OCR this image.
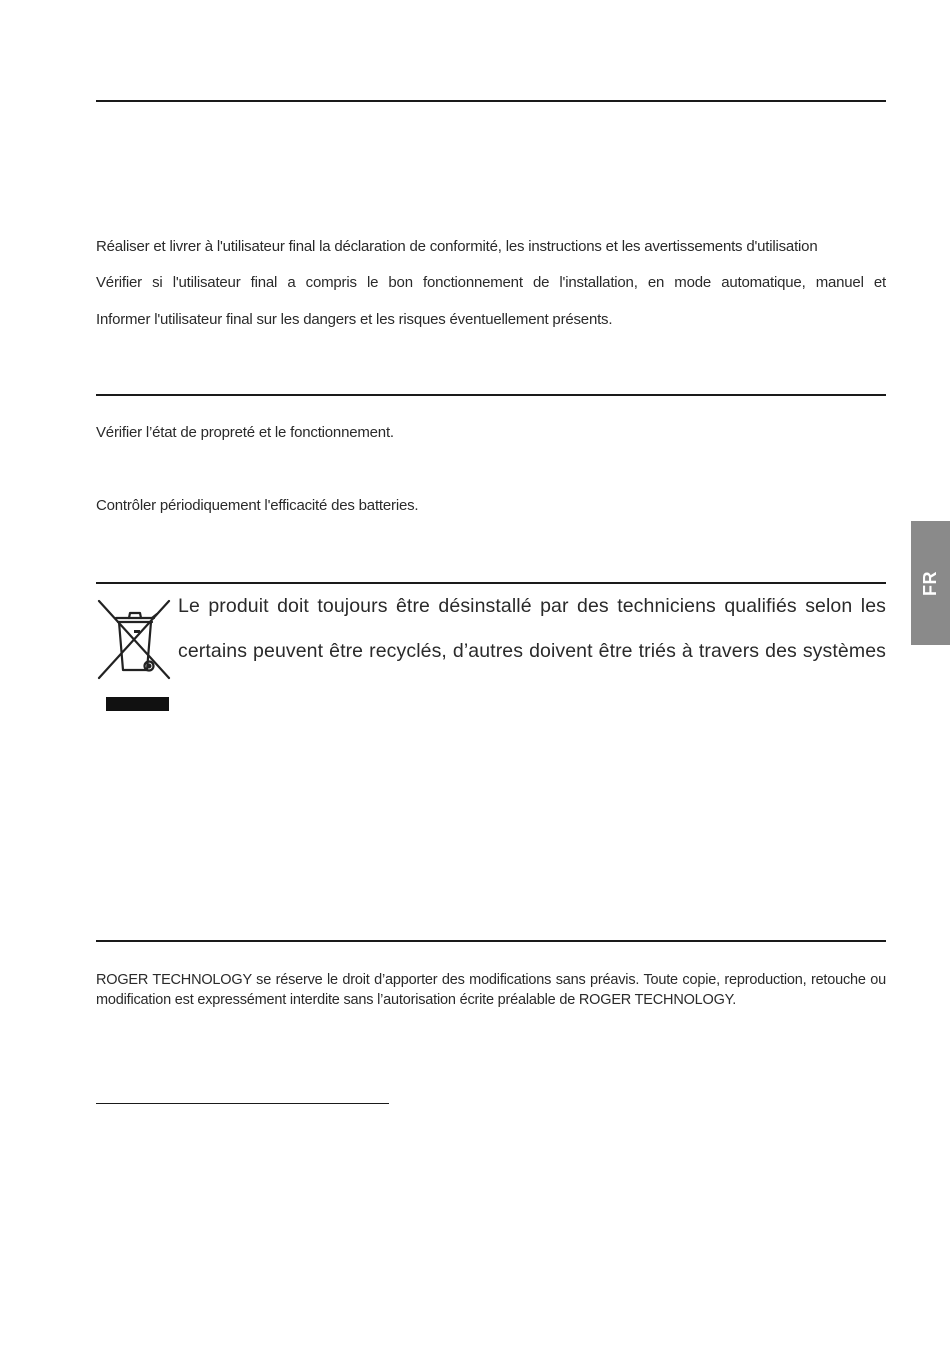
Réaliser et livrer à l'utilisateur final la déclaration de conformité, les instructions et les avertissements d'utilisation

Vérifier si l'utilisateur final a compris le bon fonctionnement de l'installation, en mode automatique, manuel et

Informer l'utilisateur final sur les dangers et les risques éventuellement présents.

Vérifier l’état de propreté et le fonctionnement.

Contrôler périodiquement l'efficacité des batteries.

Le produit doit toujours être désinstallé par des techniciens qualifiés selon les

certains peuvent être recyclés, d’autres doivent être triés à travers des systèmes

ROGER TECHNOLOGY se réserve le droit d’apporter des modifications sans préavis. Toute copie, reproduction, retouche ou modification est expressément interdite sans l’autorisation écrite préalable de ROGER TECHNOLOGY.

FR
